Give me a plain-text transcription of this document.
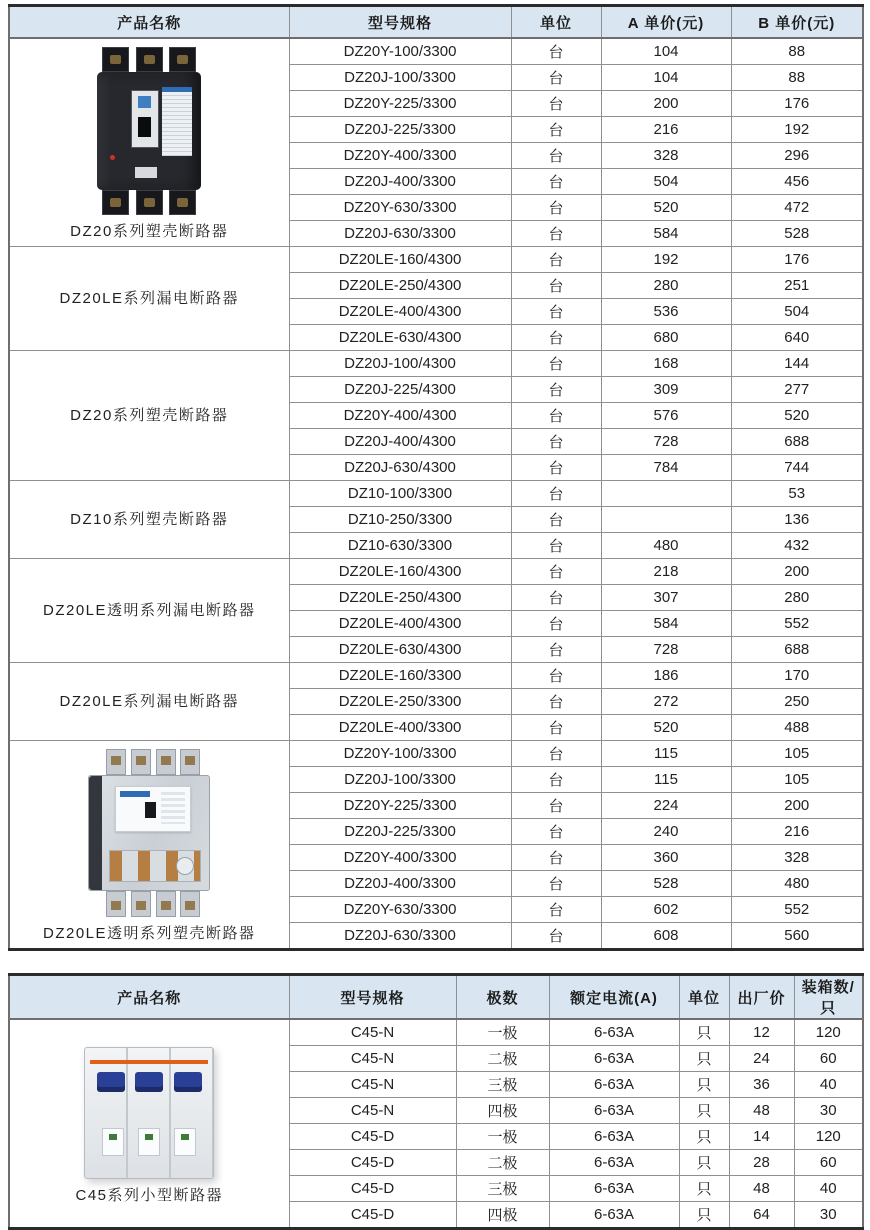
产品名称	型号规格	单位	A 单价(元)	B 单价(元)

DZ20系列塑壳断路器	DZ20Y-100/3300	台	104	88
	DZ20J-100/3300	台	104	88
	DZ20Y-225/3300	台	200	176
	DZ20J-225/3300	台	216	192
	DZ20Y-400/3300	台	328	296
	DZ20J-400/3300	台	504	456
	DZ20Y-630/3300	台	520	472
	DZ20J-630/3300	台	584	528

DZ20LE系列漏电断路器	DZ20LE-160/4300	台	192	176
	DZ20LE-250/4300	台	280	251
	DZ20LE-400/4300	台	536	504
	DZ20LE-630/4300	台	680	640

DZ20系列塑壳断路器	DZ20J-100/4300	台	168	144
	DZ20J-225/4300	台	309	277
	DZ20Y-400/4300	台	576	520
	DZ20J-400/4300	台	728	688
	DZ20J-630/4300	台	784	744

DZ10系列塑壳断路器	DZ10-100/3300	台		53
	DZ10-250/3300	台		136
	DZ10-630/3300	台	480	432

DZ20LE透明系列漏电断路器	DZ20LE-160/4300	台	218	200
	DZ20LE-250/4300	台	307	280
	DZ20LE-400/4300	台	584	552
	DZ20LE-630/4300	台	728	688

DZ20LE系列漏电断路器	DZ20LE-160/3300	台	186	170
	DZ20LE-250/3300	台	272	250
	DZ20LE-400/3300	台	520	488

DZ20LE透明系列塑壳断路器	DZ20Y-100/3300	台	115	105
	DZ20J-100/3300	台	115	105
	DZ20Y-225/3300	台	224	200
	DZ20J-225/3300	台	240	216
	DZ20Y-400/3300	台	360	328
	DZ20J-400/3300	台	528	480
	DZ20Y-630/3300	台	602	552
	DZ20J-630/3300	台	608	560
产品名称	型号规格	极数	额定电流(A)	单位	出厂价	装箱数/只

C45系列小型断路器	C45-N	一极	6-63A	只	12	120
	C45-N	二极	6-63A	只	24	60
	C45-N	三极	6-63A	只	36	40
	C45-N	四极	6-63A	只	48	30
	C45-D	一极	6-63A	只	14	120
	C45-D	二极	6-63A	只	28	60
	C45-D	三极	6-63A	只	48	40
	C45-D	四极	6-63A	只	64	30
